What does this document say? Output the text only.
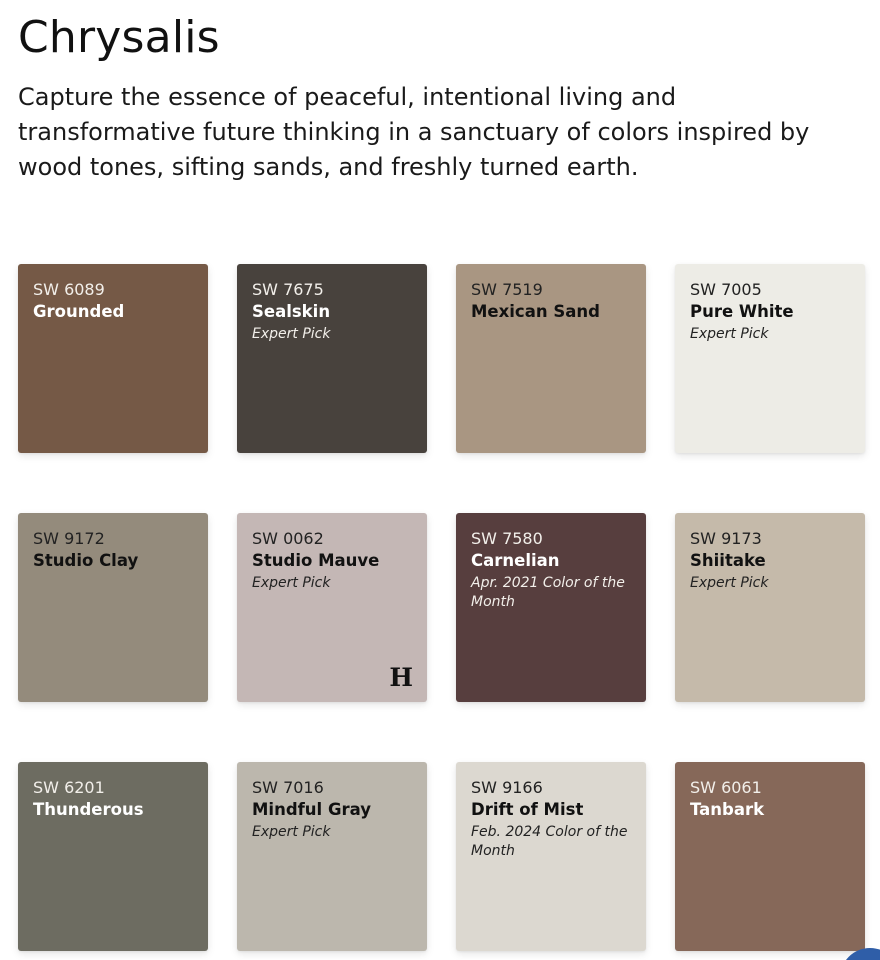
Chrysalis

Capture the essence of peaceful, intentional living and transformative future thinking in a sanctuary of colors inspired by wood tones, sifting sands, and freshly turned earth.

SW 6089
Grounded
SW 7675
Sealskin
Expert Pick
SW 7519
Mexican Sand
SW 7005
Pure White
Expert Pick
SW 9172
Studio Clay
SW 0062
Studio Mauve
Expert Pick
H
SW 7580
Carnelian
Apr. 2021 Color of the Month
SW 9173
Shiitake
Expert Pick
SW 6201
Thunderous
SW 7016
Mindful Gray
Expert Pick
SW 9166
Drift of Mist
Feb. 2024 Color of the Month
SW 6061
Tanbark
